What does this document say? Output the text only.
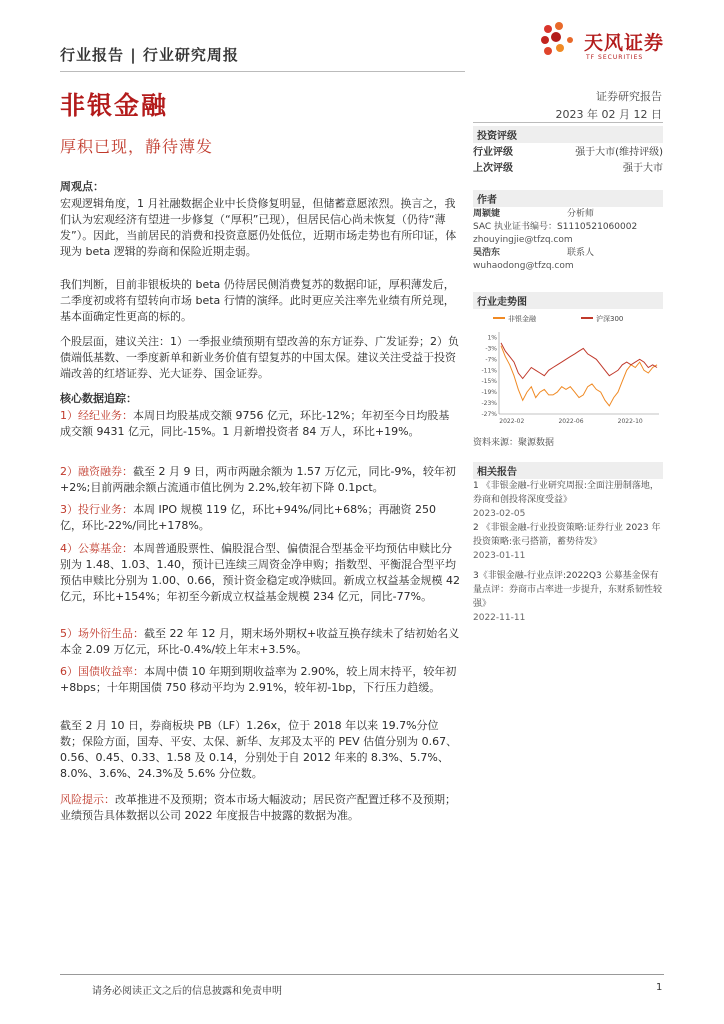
行业报告 | 行业研究周报
天风证券
TF SECURITIES
非银金融
厚积已现，静待薄发
证券研究报告
2023 年 02 月 12 日
投资评级
行业评级	强于大市(维持评级)
上次评级	强于大市
作者
周颖婕	分析师
SAC 执业证书编号：S1110521060002
zhouyingjie@tfzq.com
吴浩东	联系人
wuhaodong@tfzq.com
行业走势图
非银金融	沪深300
1%
-3%
-7%
-11%
-15%
-19%
-23%
-27%
2022-02	2022-06	2022-10
资料来源：聚源数据
相关报告
1 《非银金融-行业研究周报:全面注册制落地，券商和创投将深度受益》
2023-02-05
2 《非银金融-行业投资策略:证券行业 2023 年投资策略:张弓搭箭，蓄势待发》
2023-01-11
3《非银金融-行业点评:2022Q3 公募基金保有量点评：券商市占率进一步提升，东财系韧性较强》
2022-11-11
周观点：

宏观逻辑角度，1 月社融数据企业中长贷修复明显，但储蓄意愿浓烈。换言之，我们认为宏观经济有望进一步修复（“厚积”已现），但居民信心尚未恢复（仍待“薄发”）。因此，当前居民的消费和投资意愿仍处低位，近期市场走势也有所印证，体现为 beta 逻辑的券商和保险近期走弱。

我们判断，目前非银板块的 beta 仍待居民侧消费复苏的数据印证，厚积薄发后，二季度初或将有望转向市场 beta 行情的演绎。此时更应关注率先业绩有所兑现，基本面确定性更高的标的。

个股层面，建议关注：1）一季报业绩预期有望改善的东方证券、广发证券；2）负债端低基数、一季度新单和新业务价值有望复苏的中国太保。建议关注受益于投资端改善的红塔证券、光大证券、国金证券。

核心数据追踪：

1）经纪业务：本周日均股基成交额 9756 亿元，环比-12%；年初至今日均股基成交额 9431 亿元，同比-15%。1 月新增投资者 84 万人，环比+19%。

2）融资融券：截至 2 月 9 日，两市两融余额为 1.57 万亿元，同比-9%，较年初+2%;目前两融余额占流通市值比例为 2.2%,较年初下降 0.1pct。

3）投行业务：本周 IPO 规模 119 亿，环比+94%/同比+68%；再融资 250 亿，环比-22%/同比+178%。

4）公募基金：本周普通股票性、偏股混合型、偏债混合型基金平均预估申赎比分别为 1.48、1.03、1.40，预计已连续三周资金净申购；指数型、平衡混合型平均预估申赎比分别为 1.00、0.66，预计资金稳定或净赎回。新成立权益基金规模 42 亿元，环比+154%；年初至今新成立权益基金规模 234 亿元，同比-77%。

5）场外衍生品：截至 22 年 12 月，期末场外期权+收益互换存续未了结初始名义本金 2.09 万亿元，环比-0.4%/较上年末+3.5%。

6）国债收益率：本周中债 10 年期到期收益率为 2.90%，较上周末持平，较年初+8bps；十年期国债 750 移动平均为 2.91%，较年初-1bp，下行压力趋缓。

截至 2 月 10 日，券商板块 PB（LF）1.26x，位于 2018 年以来 19.7%分位数；保险方面，国寿、平安、太保、新华、友邦及太平的 PEV 估值分别为 0.67、0.56、0.45、0.33、1.58 及 0.14，分别处于自 2012 年来的 8.3%、5.7%、8.0%、3.6%、24.3%及 5.6% 分位数。

风险提示：改革推进不及预期；资本市场大幅波动；居民资产配置迁移不及预期；业绩预告具体数据以公司 2022 年度报告中披露的数据为准。

请务必阅读正文之后的信息披露和免责申明	1
